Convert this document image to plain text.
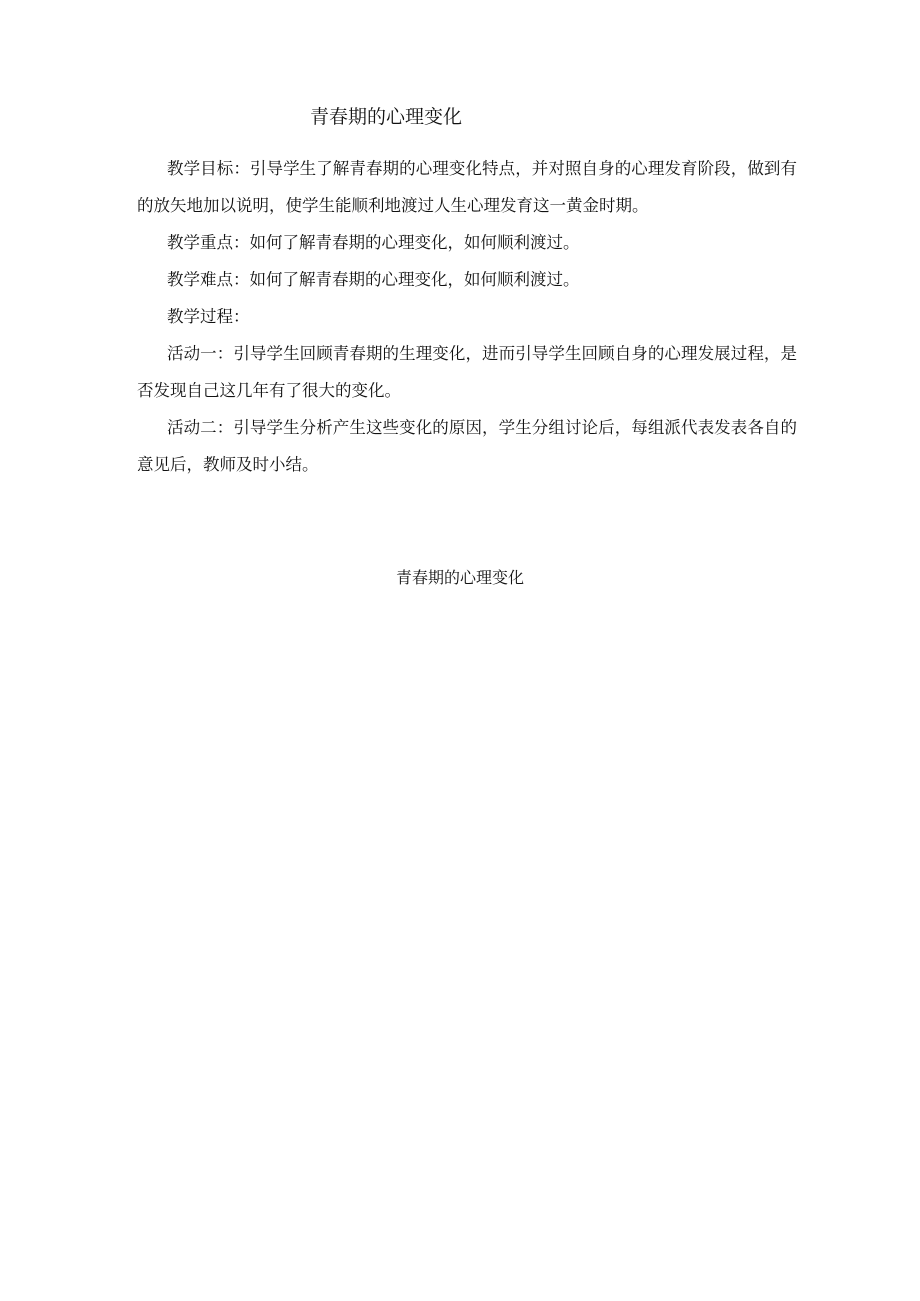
青春期的心理变化

教学目标：引导学生了解青春期的心理变化特点，并对照自身的心理发育阶段，做到有的放矢地加以说明，使学生能顺利地渡过人生心理发育这一黄金时期。

教学重点：如何了解青春期的心理变化，如何顺利渡过。

教学难点：如何了解青春期的心理变化，如何顺利渡过。

教学过程：

活动一：引导学生回顾青春期的生理变化，进而引导学生回顾自身的心理发展过程，是否发现自己这几年有了很大的变化。

活动二：引导学生分析产生这些变化的原因，学生分组讨论后，每组派代表发表各自的意见后，教师及时小结。

青春期的心理变化
